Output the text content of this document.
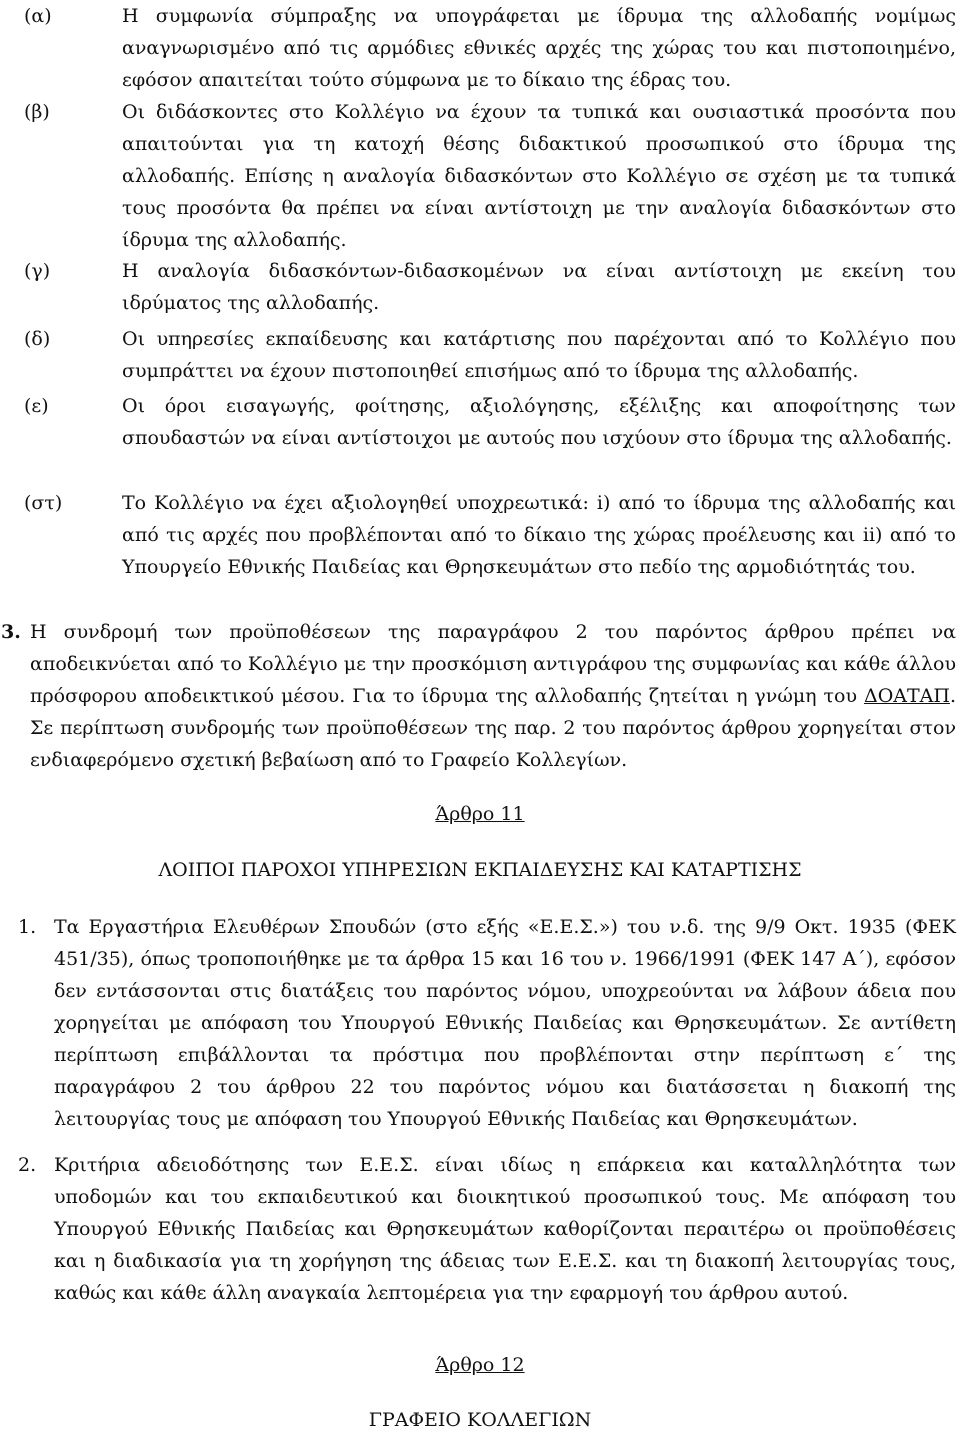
(α)	Η συμφωνία σύμπραξης να υπογράφεται με ίδρυμα της αλλοδαπής νομίμως αναγνωρισμένο από τις αρμόδιες εθνικές αρχές της χώρας του και πιστοποιημένο, εφόσον απαιτείται τούτο σύμφωνα με το δίκαιο της έδρας του.
(β)	Οι διδάσκοντες στο Κολλέγιο να έχουν τα τυπικά και ουσιαστικά προσόντα που απαιτούνται για τη κατοχή θέσης διδακτικού προσωπικού στο ίδρυμα της αλλοδαπής. Επίσης η αναλογία διδασκόντων στο Κολλέγιο σε σχέση με τα τυπικά τους προσόντα θα πρέπει να είναι αντίστοιχη με την αναλογία διδασκόντων στο ίδρυμα της αλλοδαπής.
(γ)	Η αναλογία διδασκόντων-διδασκομένων να είναι αντίστοιχη με εκείνη του ιδρύματος της αλλοδαπής.
(δ)	Οι υπηρεσίες εκπαίδευσης και κατάρτισης που παρέχονται από το Κολλέγιο που συμπράττει να έχουν πιστοποιηθεί επισήμως από το ίδρυμα της αλλοδαπής.
(ε)	Οι όροι εισαγωγής, φοίτησης, αξιολόγησης, εξέλιξης και αποφοίτησης των σπουδαστών να είναι αντίστοιχοι με αυτούς που ισχύουν στο ίδρυμα της αλλοδαπής.
(στ)	Το Κολλέγιο να έχει αξιολογηθεί υποχρεωτικά: i) από το ίδρυμα της αλλοδαπής και από τις αρχές που προβλέπονται από το δίκαιο της χώρας προέλευσης και ii) από το Υπουργείο Εθνικής Παιδείας και Θρησκευμάτων στο πεδίο της αρμοδιότητάς του.
3. Η συνδρομή των προϋποθέσεων της παραγράφου 2 του παρόντος άρθρου πρέπει να αποδεικνύεται από το Κολλέγιο με την προσκόμιση αντιγράφου της συμφωνίας και κάθε άλλου πρόσφορου αποδεικτικού μέσου. Για το ίδρυμα της αλλοδαπής ζητείται η γνώμη του ΔΟΑΤΑΠ. Σε περίπτωση συνδρομής των προϋποθέσεων της παρ. 2 του παρόντος άρθρου χορηγείται στον ενδιαφερόμενο σχετική βεβαίωση από το Γραφείο Κολλεγίων.
Άρθρο 11
ΛΟΙΠΟΙ ΠΑΡΟΧΟΙ ΥΠΗΡΕΣΙΩΝ ΕΚΠΑΙΔΕΥΣΗΣ ΚΑΙ ΚΑΤΑΡΤΙΣΗΣ
1. Τα Εργαστήρια Ελευθέρων Σπουδών (στο εξής «Ε.Ε.Σ.») του ν.δ. της 9/9 Οκτ. 1935 (ΦΕΚ 451/35), όπως τροποποιήθηκε με τα άρθρα 15 και 16 του ν. 1966/1991 (ΦΕΚ 147 Α΄), εφόσον δεν εντάσσονται στις διατάξεις του παρόντος νόμου, υποχρεούνται να λάβουν άδεια που χορηγείται με απόφαση του Υπουργού Εθνικής Παιδείας και Θρησκευμάτων. Σε αντίθετη περίπτωση επιβάλλονται τα πρόστιμα που προβλέπονται στην περίπτωση ε΄ της παραγράφου 2 του άρθρου 22 του παρόντος νόμου και διατάσσεται η διακοπή της λειτουργίας τους με απόφαση του Υπουργού Εθνικής Παιδείας και Θρησκευμάτων.
2. Κριτήρια αδειοδότησης των Ε.Ε.Σ. είναι ιδίως η επάρκεια και καταλληλότητα των υποδομών και του εκπαιδευτικού και διοικητικού προσωπικού τους. Με απόφαση του Υπουργού Εθνικής Παιδείας και Θρησκευμάτων καθορίζονται περαιτέρω οι προϋποθέσεις και η διαδικασία για τη χορήγηση της άδειας των Ε.Ε.Σ. και τη διακοπή λειτουργίας τους, καθώς και κάθε άλλη αναγκαία λεπτομέρεια για την εφαρμογή του άρθρου αυτού.
Άρθρο 12
ΓΡΑΦΕΙΟ ΚΟΛΛΕΓΙΩΝ
